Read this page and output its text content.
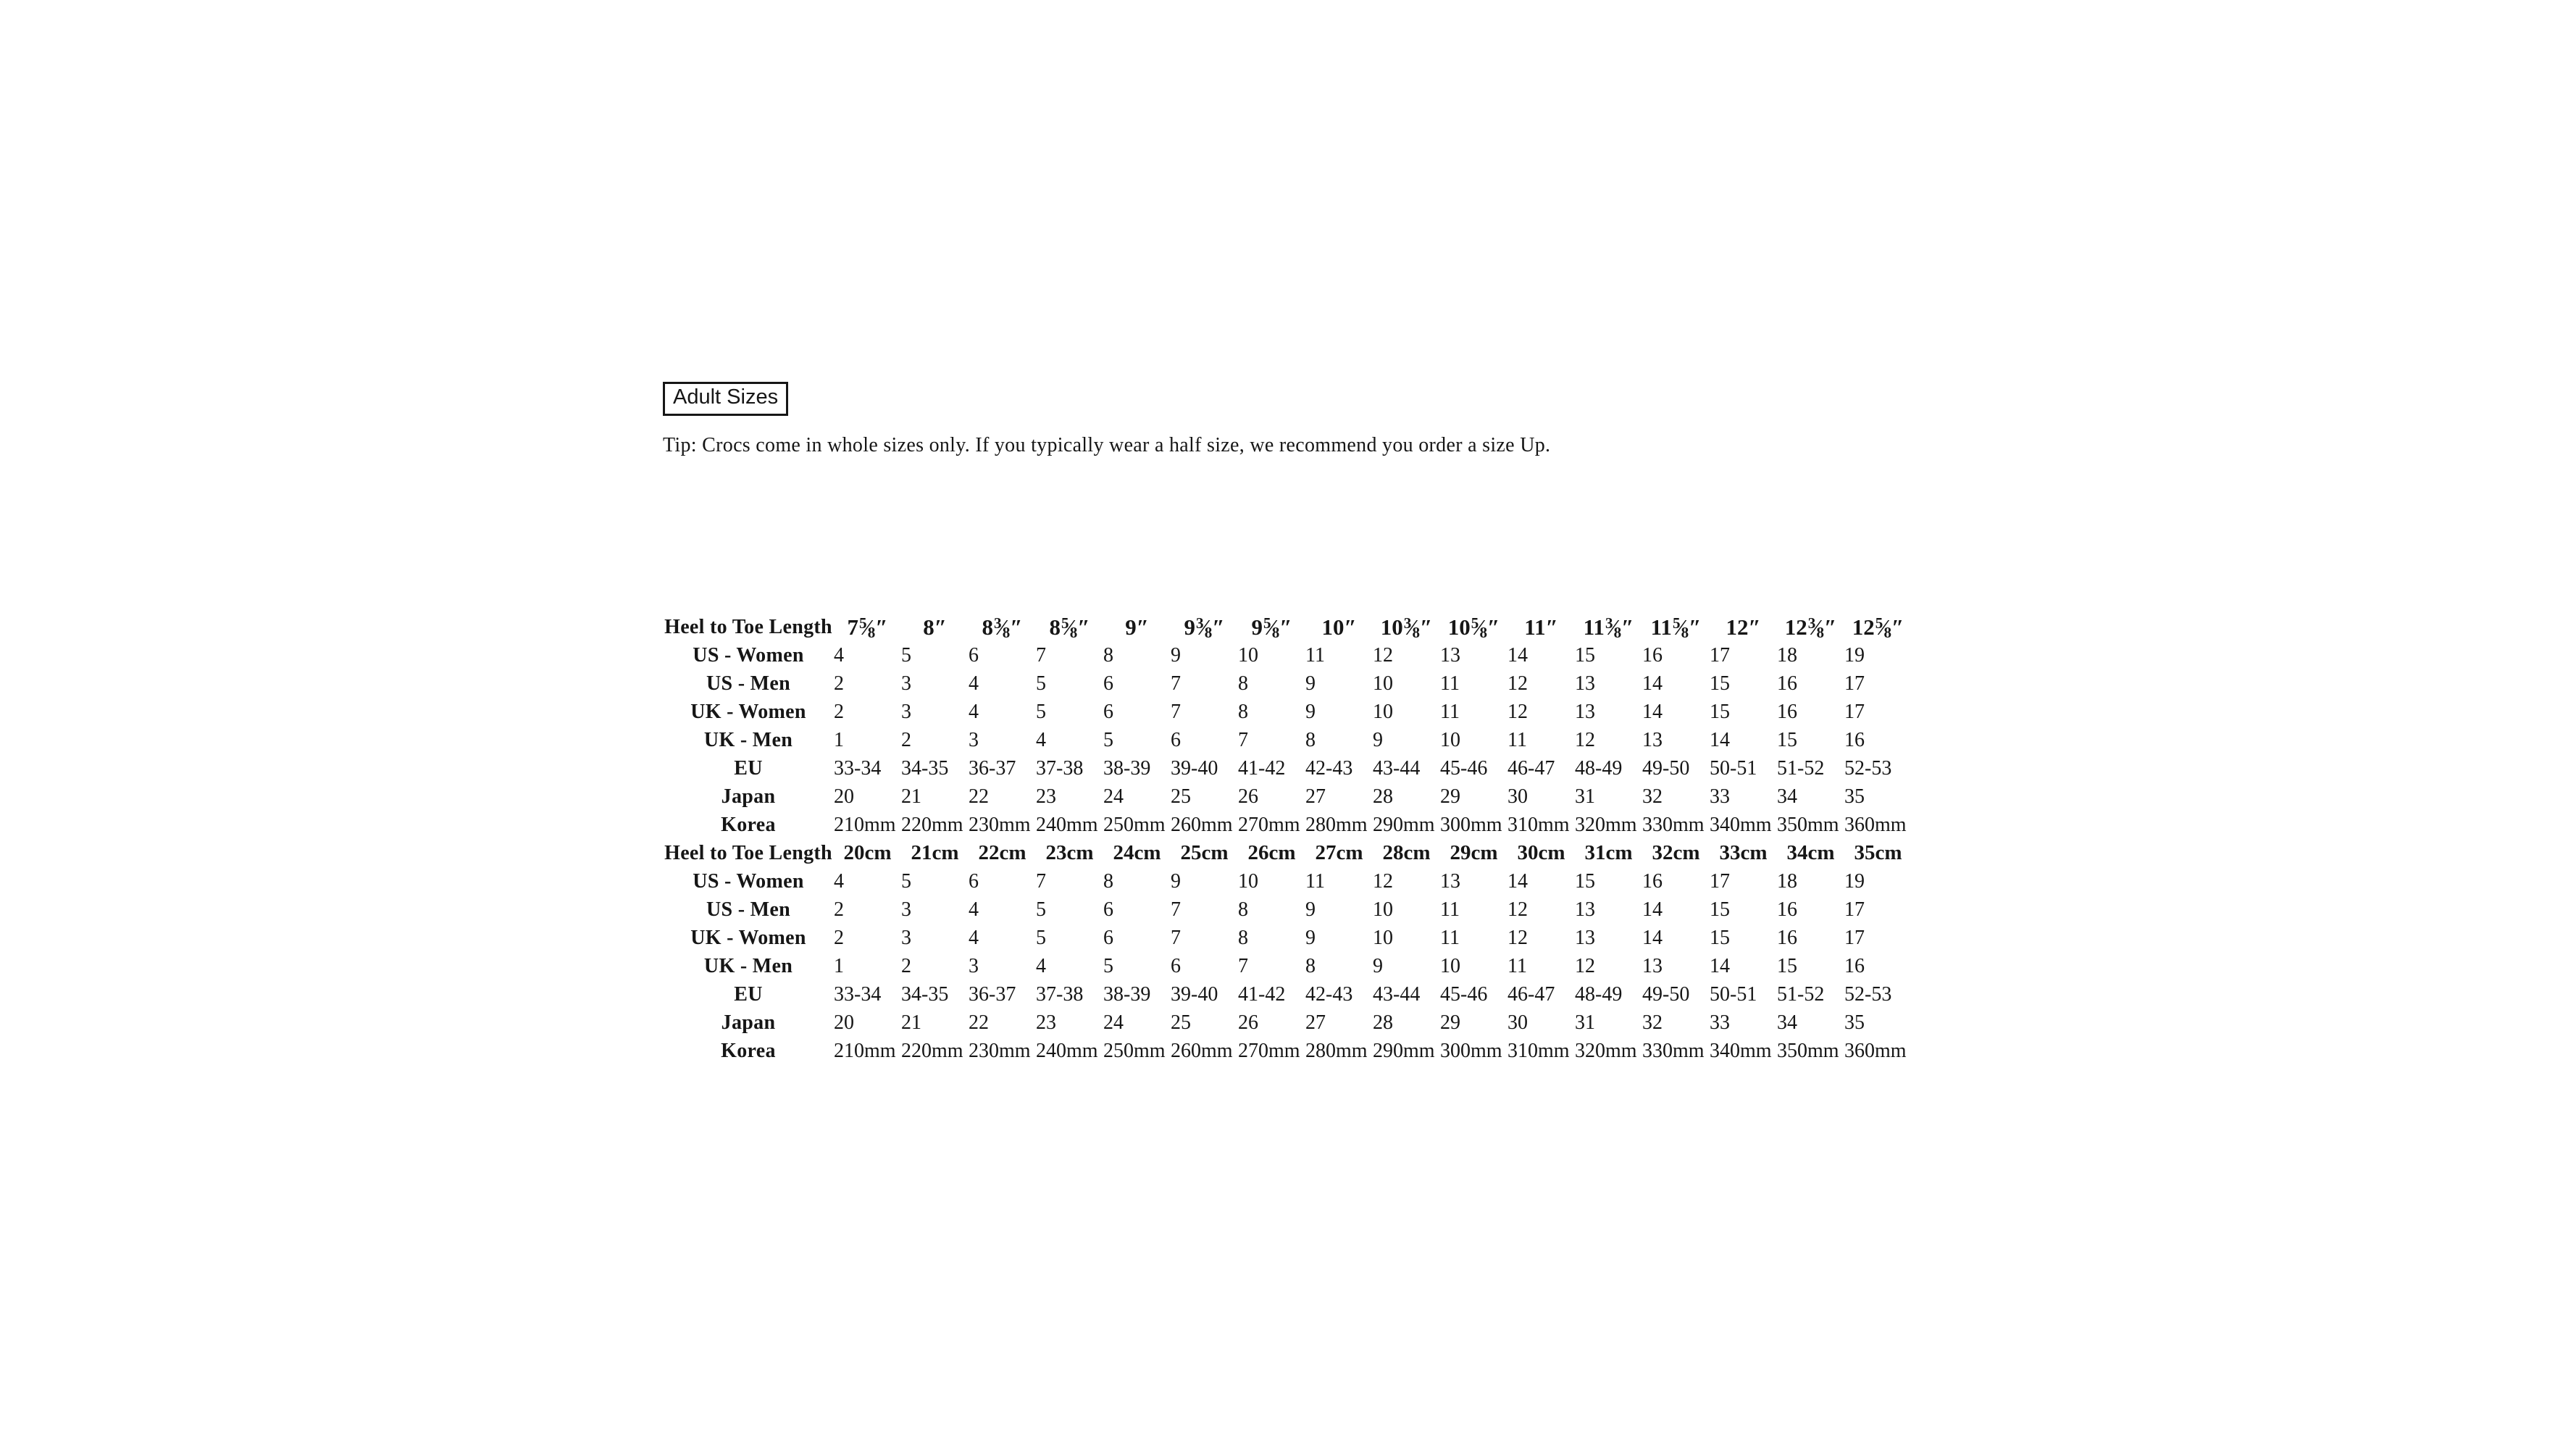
Adult Sizes
Tip: Crocs come in whole sizes only. If you typically wear a half size, we recommend you order a size Up.
Heel to Toe Length	$7^5⁄_8''$	8″	$8^3⁄_8''$	$8^5⁄_8''$	9″	$9^3⁄_8''$	$9^5⁄_8''$	10″	$10^3⁄_8''$	$10^5⁄_8''$	11″	$11^3⁄_8''$	$11^5⁄_8''$	12″	$12^3⁄_8''$	$12^5⁄_8''$
US - Women	4	5	6	7	8	9	10	11	12	13	14	15	16	17	18	19
US - Men	2	3	4	5	6	7	8	9	10	11	12	13	14	15	16	17
UK - Women	2	3	4	5	6	7	8	9	10	11	12	13	14	15	16	17
UK - Men	1	2	3	4	5	6	7	8	9	10	11	12	13	14	15	16
EU	33-34	34-35	36-37	37-38	38-39	39-40	41-42	42-43	43-44	45-46	46-47	48-49	49-50	50-51	51-52	52-53
Japan	20	21	22	23	24	25	26	27	28	29	30	31	32	33	34	35
Korea	210mm	220mm	230mm	240mm	250mm	260mm	270mm	280mm	290mm	300mm	310mm	320mm	330mm	340mm	350mm	360mm
Heel to Toe Length	20cm	21cm	22cm	23cm	24cm	25cm	26cm	27cm	28cm	29cm	30cm	31cm	32cm	33cm	34cm	35cm
US - Women	4	5	6	7	8	9	10	11	12	13	14	15	16	17	18	19
US - Men	2	3	4	5	6	7	8	9	10	11	12	13	14	15	16	17
UK - Women	2	3	4	5	6	7	8	9	10	11	12	13	14	15	16	17
UK - Men	1	2	3	4	5	6	7	8	9	10	11	12	13	14	15	16
EU	33-34	34-35	36-37	37-38	38-39	39-40	41-42	42-43	43-44	45-46	46-47	48-49	49-50	50-51	51-52	52-53
Japan	20	21	22	23	24	25	26	27	28	29	30	31	32	33	34	35
Korea	210mm	220mm	230mm	240mm	250mm	260mm	270mm	280mm	290mm	300mm	310mm	320mm	330mm	340mm	350mm	360mm
